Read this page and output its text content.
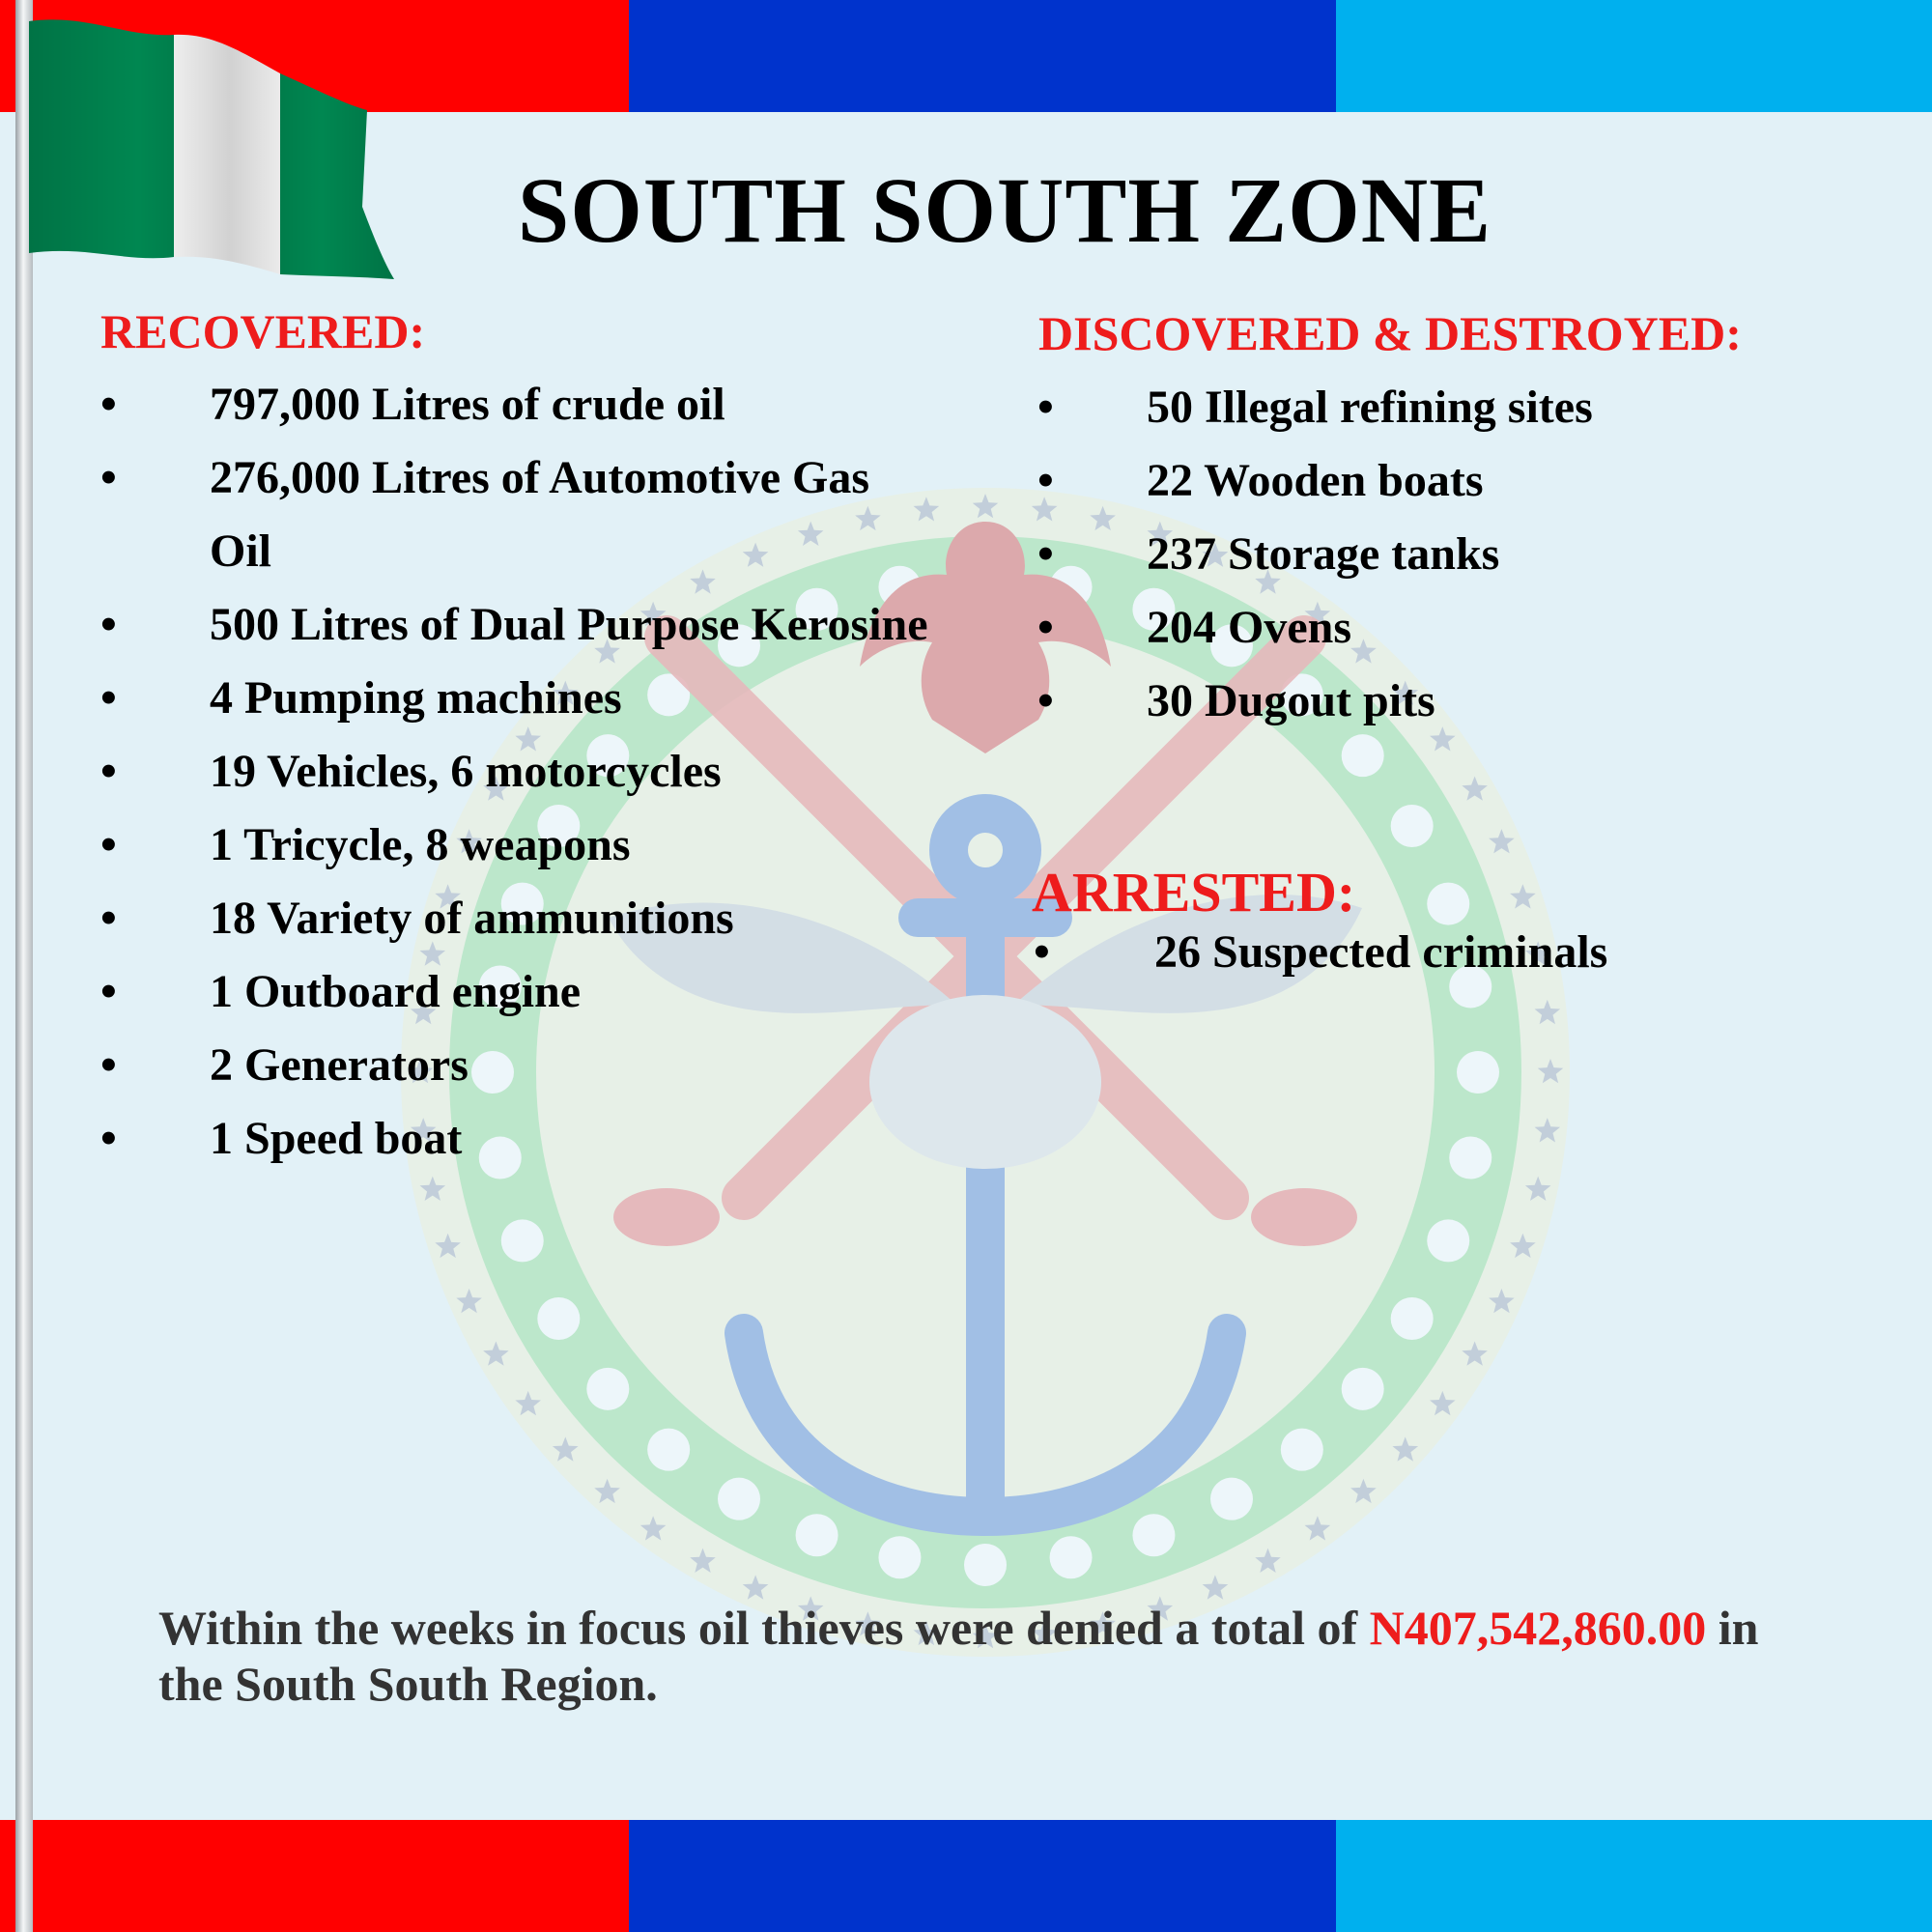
SOUTH SOUTH ZONE
RECOVERED:
• 797,000 Litres of crude oil
• 276,000 Litres of Automotive Gas Oil
• 500 Litres of Dual Purpose Kerosine
• 4 Pumping machines
• 19 Vehicles, 6 motorcycles
• 1 Tricycle, 8 weapons
• 18 Variety of ammunitions
• 1 Outboard engine
• 2 Generators
• 1 Speed boat
DISCOVERED & DESTROYED:
• 50 Illegal refining sites
• 22 Wooden boats
• 237 Storage tanks
• 204 Ovens
• 30 Dugout pits
ARRESTED:
• 26 Suspected criminals
Within the weeks in focus oil thieves were denied a total of N407,542,860.00 in the South South Region.
